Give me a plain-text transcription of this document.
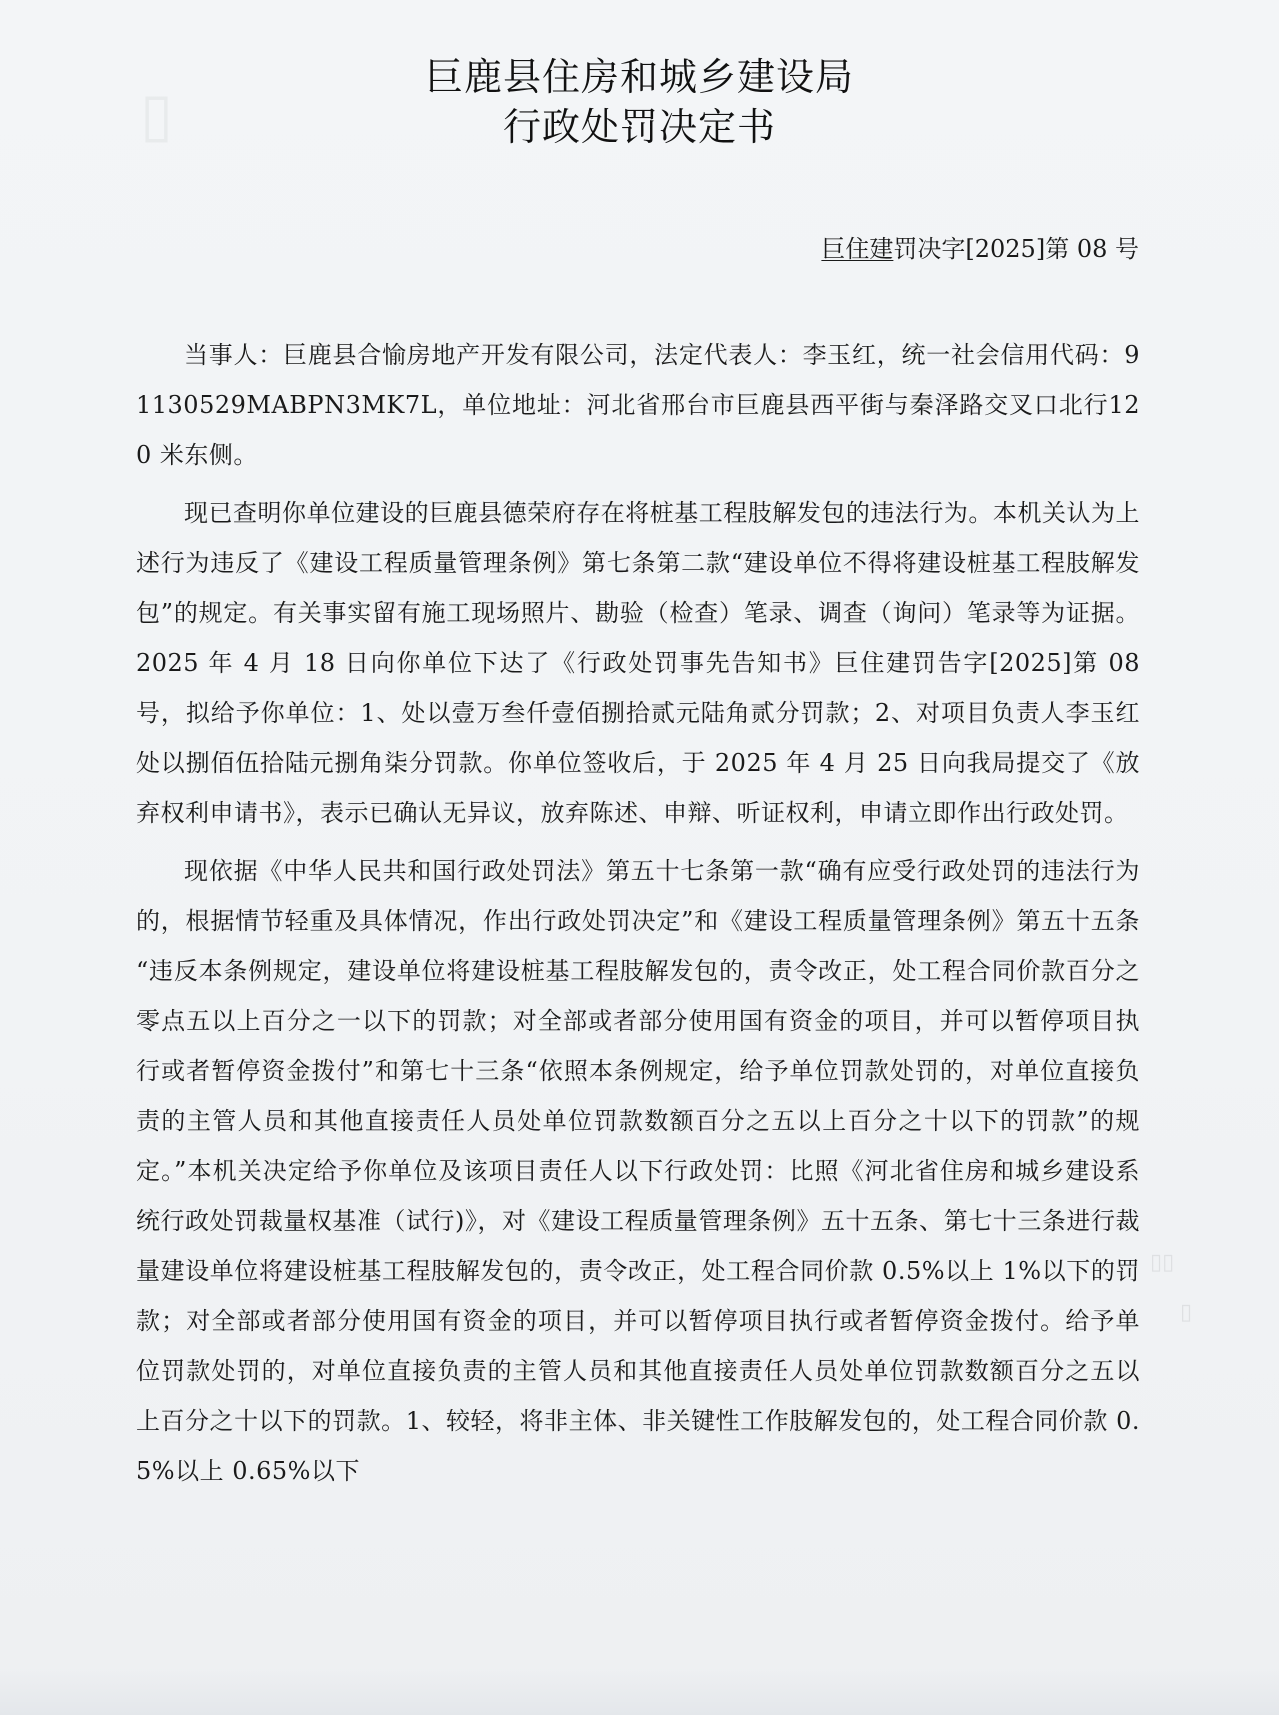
▯
▯▯
▯

巨鹿县住房和城乡建设局

行政处罚决定书

巨住建罚决字[2025]第 08 号

当事人：巨鹿县合愉房地产开发有限公司，法定代表人：李玉红，统一社会信用代码：91130529MABPN3MK7L，单位地址：河北省邢台市巨鹿县西平街与秦泽路交叉口北行120 米东侧。

现已查明你单位建设的巨鹿县德荣府存在将桩基工程肢解发包的违法行为。本机关认为上述行为违反了《建设工程质量管理条例》第七条第二款“建设单位不得将建设桩基工程肢解发包”的规定。有关事实留有施工现场照片、勘验（检查）笔录、调查（询问）笔录等为证据。2025 年 4 月 18 日向你单位下达了《行政处罚事先告知书》巨住建罚告字[2025]第 08 号，拟给予你单位：1、处以壹万叁仟壹佰捌拾贰元陆角贰分罚款；2、对项目负责人李玉红处以捌佰伍拾陆元捌角柒分罚款。你单位签收后，于 2025 年 4 月 25 日向我局提交了《放弃权利申请书》，表示已确认无异议，放弃陈述、申辩、听证权利，申请立即作出行政处罚。

现依据《中华人民共和国行政处罚法》第五十七条第一款“确有应受行政处罚的违法行为的，根据情节轻重及具体情况，作出行政处罚决定”和《建设工程质量管理条例》第五十五条 “违反本条例规定，建设单位将建设桩基工程肢解发包的，责令改正，处工程合同价款百分之零点五以上百分之一以下的罚款；对全部或者部分使用国有资金的项目，并可以暂停项目执行或者暂停资金拨付”和第七十三条“依照本条例规定，给予单位罚款处罚的，对单位直接负责的主管人员和其他直接责任人员处单位罚款数额百分之五以上百分之十以下的罚款”的规定。”本机关决定给予你单位及该项目责任人以下行政处罚：比照《河北省住房和城乡建设系统行政处罚裁量权基准（试行)》，对《建设工程质量管理条例》五十五条、第七十三条进行裁量建设单位将建设桩基工程肢解发包的，责令改正，处工程合同价款 0.5%以上 1%以下的罚款；对全部或者部分使用国有资金的项目，并可以暂停项目执行或者暂停资金拨付。给予单位罚款处罚的，对单位直接负责的主管人员和其他直接责任人员处单位罚款数额百分之五以上百分之十以下的罚款。1、较轻，将非主体、非关键性工作肢解发包的，处工程合同价款 0.5%以上 0.65%以下
